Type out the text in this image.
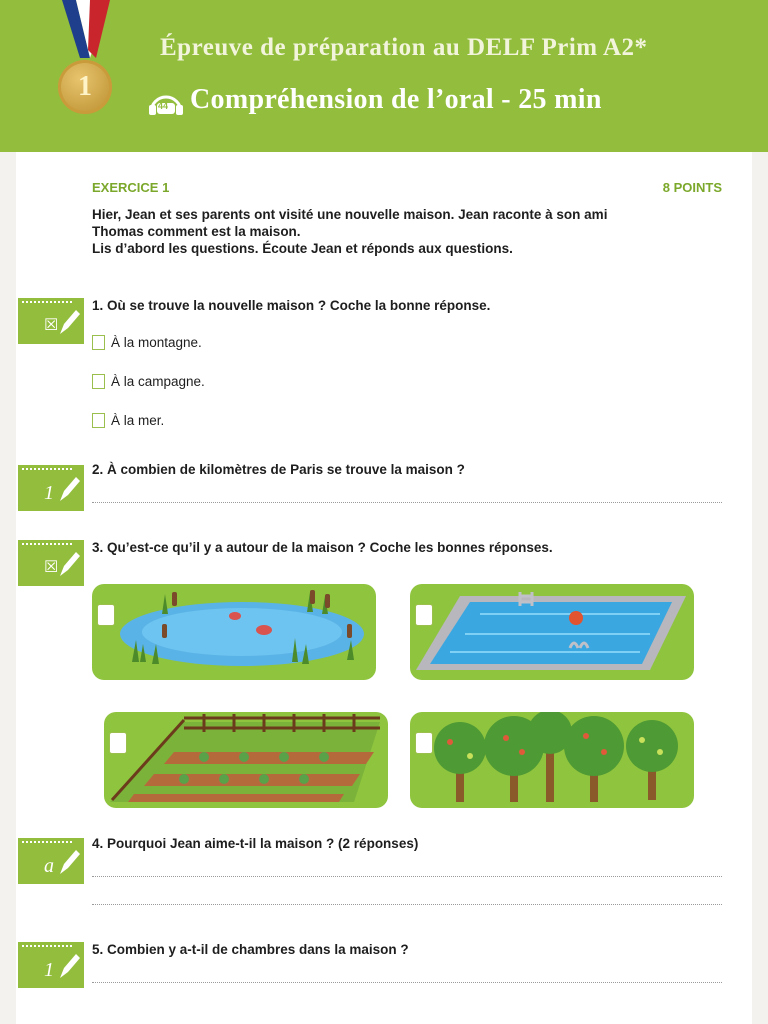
1
Épreuve de préparation au DELF Prim A2*
44 Compréhension de l’oral - 25 min
EXERCICE 1	8 POINTS
Hier, Jean et ses parents ont visité une nouvelle maison. Jean raconte à son ami
Thomas comment est la maison.
Lis d’abord les questions. Écoute Jean et réponds aux questions.
☒
1. Où se trouve la nouvelle maison ? Coche la bonne réponse.
À la montagne.
À la campagne.
À la mer.
1
2. À combien de kilomètres de Paris se trouve la maison ?
☒
3. Qu’est-ce qu’il y a autour de la maison ? Coche les bonnes réponses.
a
4. Pourquoi Jean aime-t-il la maison ? (2 réponses)
1
5. Combien y a-t-il de chambres dans la maison ?
